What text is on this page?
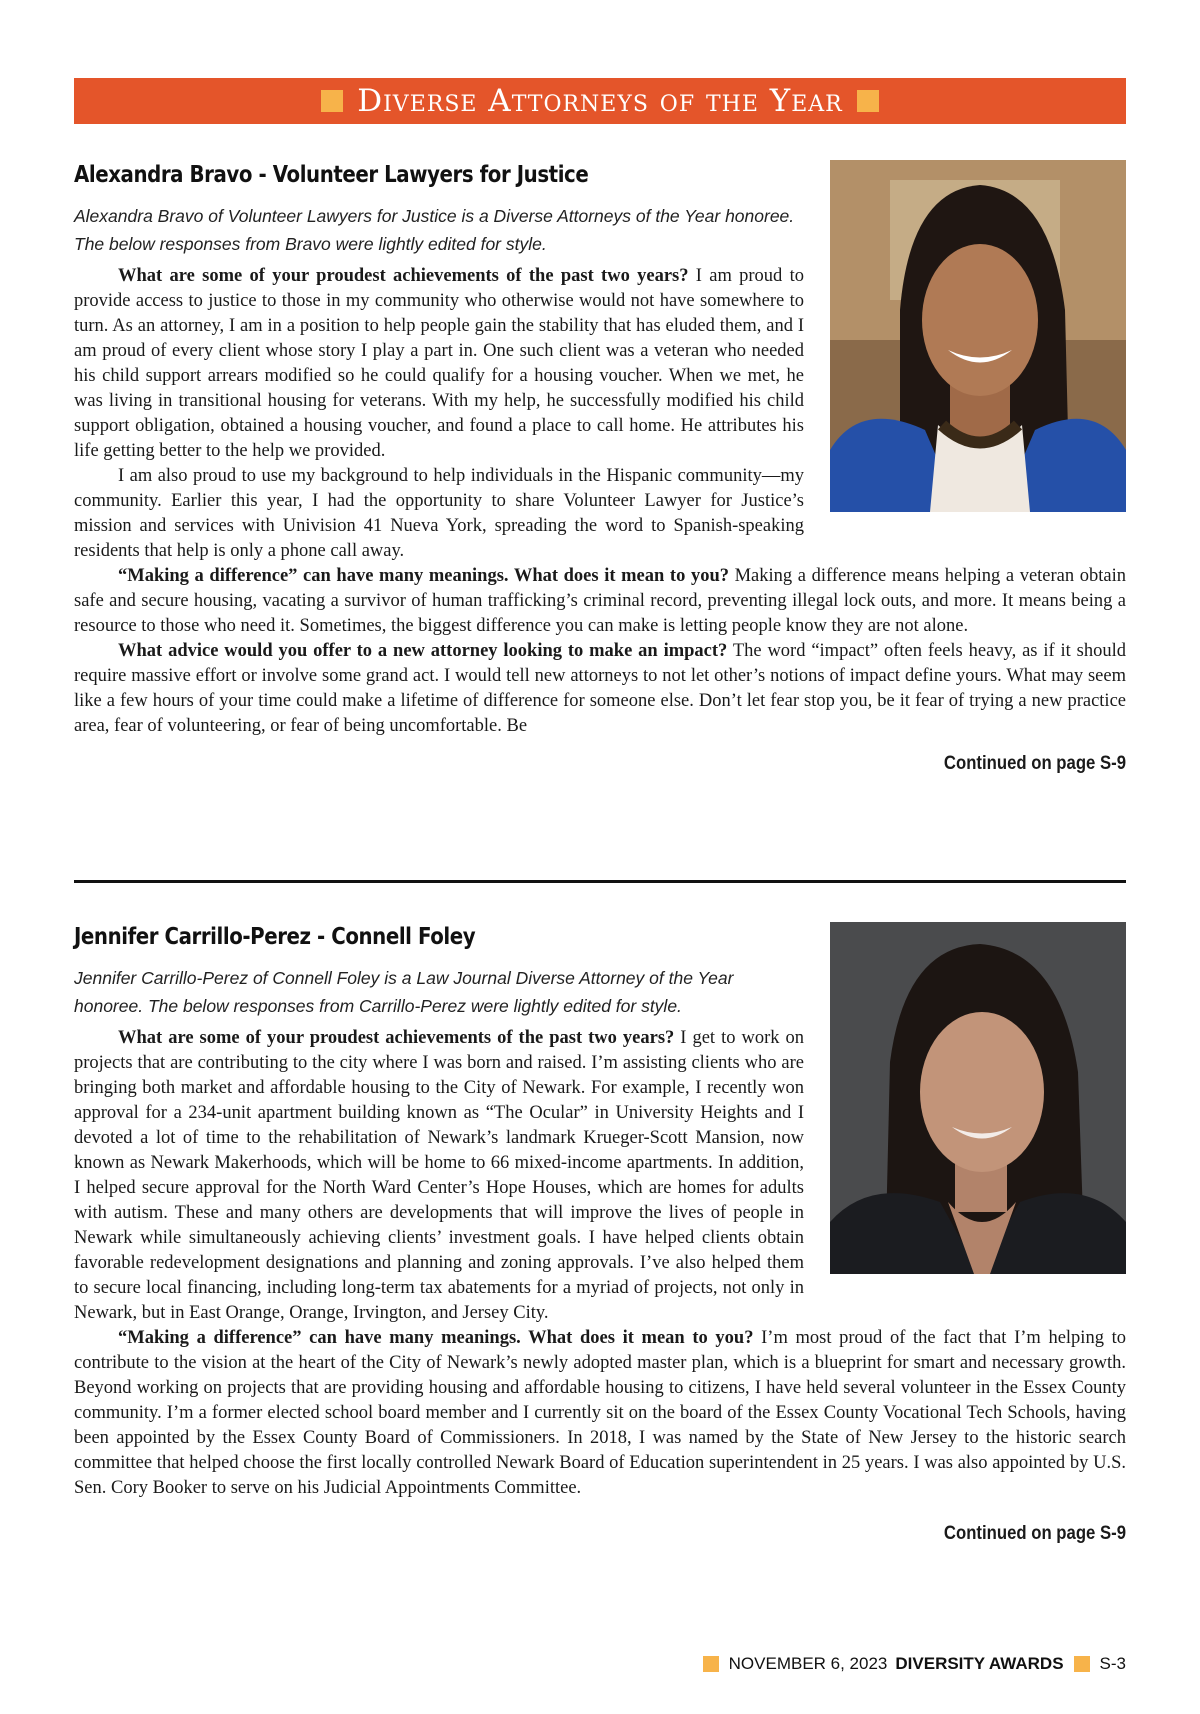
Diverse Attorneys of the Year
Alexandra Bravo - Volunteer Lawyers for Justice
Alexandra Bravo of Volunteer Lawyers for Justice is a Diverse Attorneys of the Year honoree. The below responses from Bravo were lightly edited for style.

What are some of your proudest achievements of the past two years? I am proud to provide access to justice to those in my community who otherwise would not have somewhere to turn. As an attorney, I am in a position to help people gain the stability that has eluded them, and I am proud of every client whose story I play a part in. One such client was a veteran who needed his child support arrears modified so he could qualify for a housing voucher. When we met, he was living in transitional housing for veterans. With my help, he successfully modified his child support obligation, obtained a housing voucher, and found a place to call home. He attributes his life getting better to the help we provided.

I am also proud to use my background to help individuals in the Hispanic community—my community. Earlier this year, I had the opportunity to share Volunteer Lawyer for Justice’s mission and services with Univision 41 Nueva York, spreading the word to Spanish-speaking residents that help is only a phone call away.

“Making a difference” can have many meanings. What does it mean to you? Making a difference means helping a veteran obtain safe and secure housing, vacating a survivor of human trafficking’s criminal record, preventing illegal lock outs, and more. It means being a resource to those who need it. Sometimes, the biggest difference you can make is letting people know they are not alone.

What advice would you offer to a new attorney looking to make an impact? The word “impact” often feels heavy, as if it should require massive effort or involve some grand act. I would tell new attorneys to not let other’s notions of impact define yours. What may seem like a few hours of your time could make a lifetime of difference for someone else. Don’t let fear stop you, be it fear of trying a new practice area, fear of volunteering, or fear of being uncomfortable. Be

Continued on page S-9
Jennifer Carrillo-Perez - Connell Foley
Jennifer Carrillo-Perez of Connell Foley is a Law Journal Diverse Attorney of the Year honoree. The below responses from Carrillo-Perez were lightly edited for style.

What are some of your proudest achievements of the past two years? I get to work on projects that are contributing to the city where I was born and raised. I’m assisting clients who are bringing both market and affordable housing to the City of Newark. For example, I recently won approval for a 234-unit apartment building known as “The Ocular” in University Heights and I devoted a lot of time to the rehabilitation of Newark’s landmark Krueger-Scott Mansion, now known as Newark Makerhoods, which will be home to 66 mixed-income apartments. In addition, I helped secure approval for the North Ward Center’s Hope Houses, which are homes for adults with autism. These and many others are developments that will improve the lives of people in Newark while simultaneously achieving clients’ investment goals. I have helped clients obtain favorable redevelopment designations and planning and zoning approvals. I’ve also helped them to secure local financing, including long-term tax abatements for a myriad of projects, not only in Newark, but in East Orange, Orange, Irvington, and Jersey City.

“Making a difference” can have many meanings. What does it mean to you? I’m most proud of the fact that I’m helping to contribute to the vision at the heart of the City of Newark’s newly adopted master plan, which is a blueprint for smart and necessary growth. Beyond working on projects that are providing housing and affordable housing to citizens, I have held several volunteer in the Essex County community. I’m a former elected school board member and I currently sit on the board of the Essex County Vocational Tech Schools, having been appointed by the Essex County Board of Commissioners. In 2018, I was named by the State of New Jersey to the historic search committee that helped choose the first locally controlled Newark Board of Education superintendent in 25 years. I was also appointed by U.S. Sen. Cory Booker to serve on his Judicial Appointments Committee.

Continued on page S-9
NOVEMBER 6, 2023 DIVERSITY AWARDS S-3
